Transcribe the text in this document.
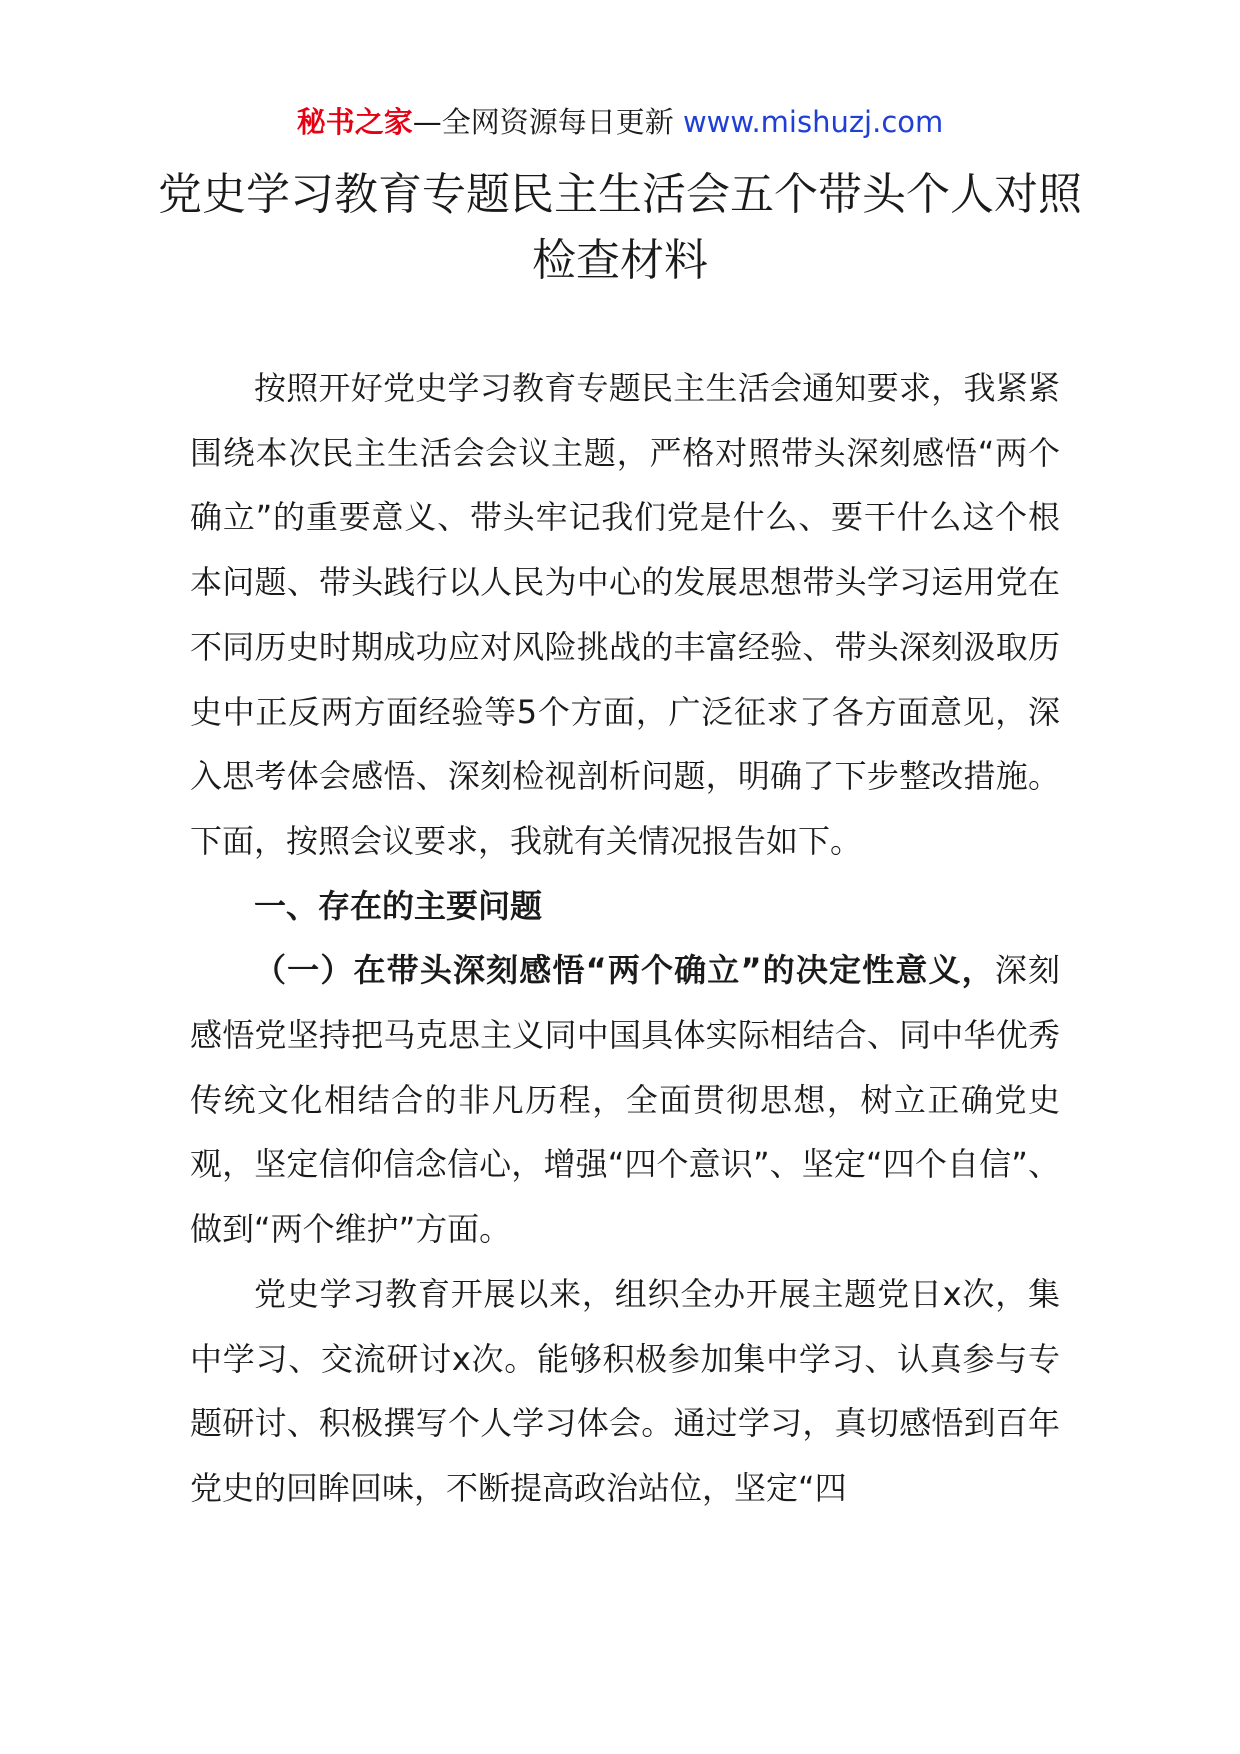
秘书之家—全网资源每日更新 www.mishuzj.com
党史学习教育专题民主生活会五个带头个人对照检查材料

按照开好党史学习教育专题民主生活会通知要求，我紧紧围绕本次民主生活会会议主题，严格对照带头深刻感悟“两个确立”的重要意义、带头牢记我们党是什么、要干什么这个根本问题、带头践行以人民为中心的发展思想带头学习运用党在不同历史时期成功应对风险挑战的丰富经验、带头深刻汲取历史中正反两方面经验等5个方面，广泛征求了各方面意见，深入思考体会感悟、深刻检视剖析问题，明确了下步整改措施。下面，按照会议要求，我就有关情况报告如下。

一、存在的主要问题

（一）在带头深刻感悟“两个确立”的决定性意义，深刻感悟党坚持把马克思主义同中国具体实际相结合、同中华优秀传统文化相结合的非凡历程，全面贯彻思想，树立正确党史观，坚定信仰信念信心，增强“四个意识”、坚定“四个自信”、做到“两个维护”方面。

党史学习教育开展以来，组织全办开展主题党日x次，集中学习、交流研讨x次。能够积极参加集中学习、认真参与专题研讨、积极撰写个人学习体会。通过学习，真切感悟到百年党史的回眸回味，不断提高政治站位，坚定“四
